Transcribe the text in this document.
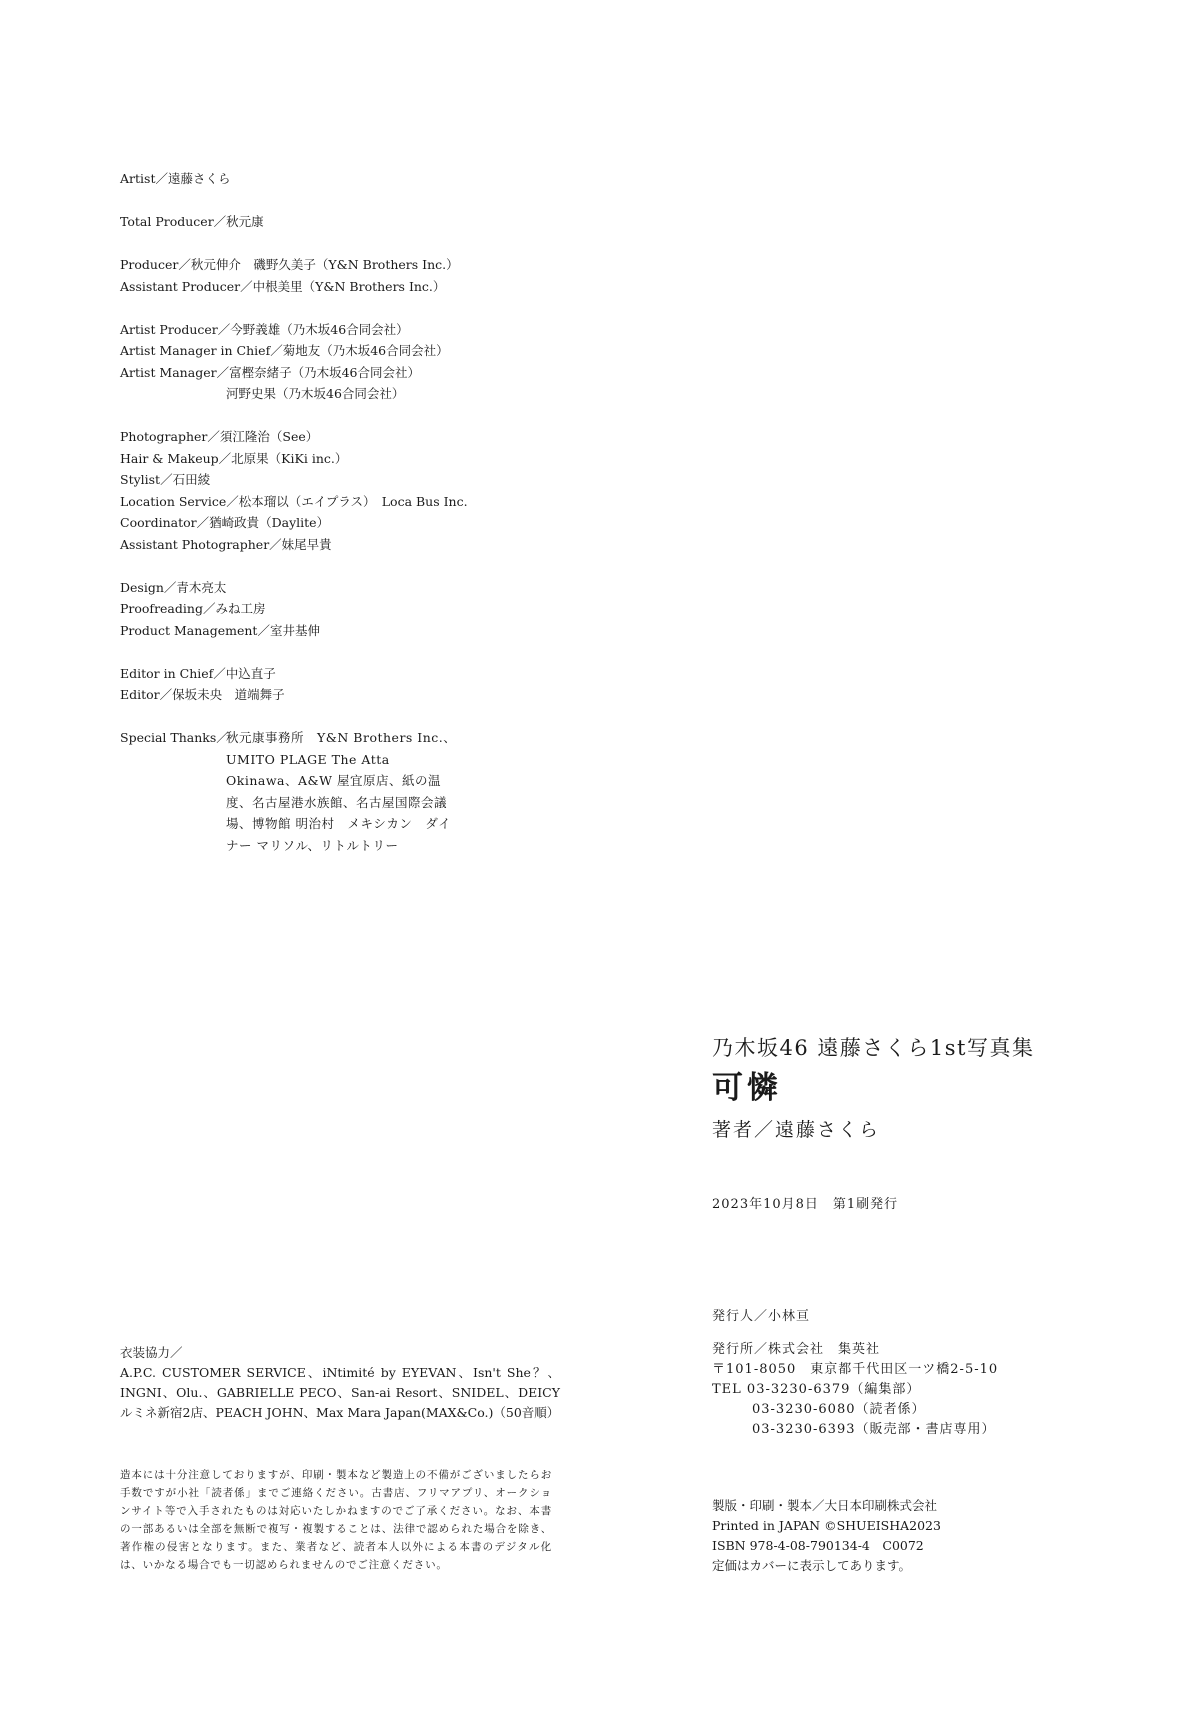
Artist／遠藤さくら
Total Producer／秋元康
Producer／秋元伸介　磯野久美子（Y&N Brothers Inc.）
Assistant Producer／中根美里（Y&N Brothers Inc.）
Artist Producer／今野義雄（乃木坂46合同会社）
Artist Manager in Chief／菊地友（乃木坂46合同会社）
Artist Manager／富樫奈緒子（乃木坂46合同会社）
河野史果（乃木坂46合同会社）
Photographer／須江隆治（See）
Hair & Makeup／北原果（KiKi inc.）
Stylist／石田綾
Location Service／松本瑠以（エイプラス）　Loca Bus Inc.
Coordinator／猶崎政貴（Daylite）
Assistant Photographer／妹尾早貴
Design／青木亮太
Proofreading／みね工房
Product Management／室井基伸
Editor in Chief／中込直子
Editor／保坂未央　道端舞子
Special Thanks／
秋元康事務所　Y&N Brothers Inc.、UMITO PLAGE The Atta Okinawa、A&W 屋宜原店、紙の温度、名古屋港水族館、名古屋国際会議場、博物館 明治村　メキシカン　ダイナー マリソル、リトルトリー
乃木坂46 遠藤さくら1st写真集
可憐
著者／遠藤さくら
2023年10月8日　第1刷発行
発行人／小林亘
発行所／株式会社　集英社
〒101-8050　東京都千代田区一ツ橋2-5-10
TEL 03-3230-6379（編集部）
03-3230-6080（読者係）
03-3230-6393（販売部・書店専用）
製版・印刷・製本／大日本印刷株式会社
Printed in JAPAN ©SHUEISHA2023
ISBN 978-4-08-790134-4　C0072
定価はカバーに表示してあります。
衣装協力／
A.P.C. CUSTOMER SERVICE、iNtimité by EYEVAN、Isn't She？、INGNI、Olu.、GABRIELLE PECO、San-ai Resort、SNIDEL、DEICY ルミネ新宿2店、PEACH JOHN、Max Mara Japan(MAX&Co.)（50音順）
造本には十分注意しておりますが、印刷・製本など製造上の不備がございましたらお手数ですが小社「読者係」までご連絡ください。古書店、フリマアプリ、オークションサイト等で入手されたものは対応いたしかねますのでご了承ください。なお、本書の一部あるいは全部を無断で複写・複製することは、法律で認められた場合を除き、著作権の侵害となります。また、業者など、読者本人以外による本書のデジタル化は、いかなる場合でも一切認められませんのでご注意ください。
